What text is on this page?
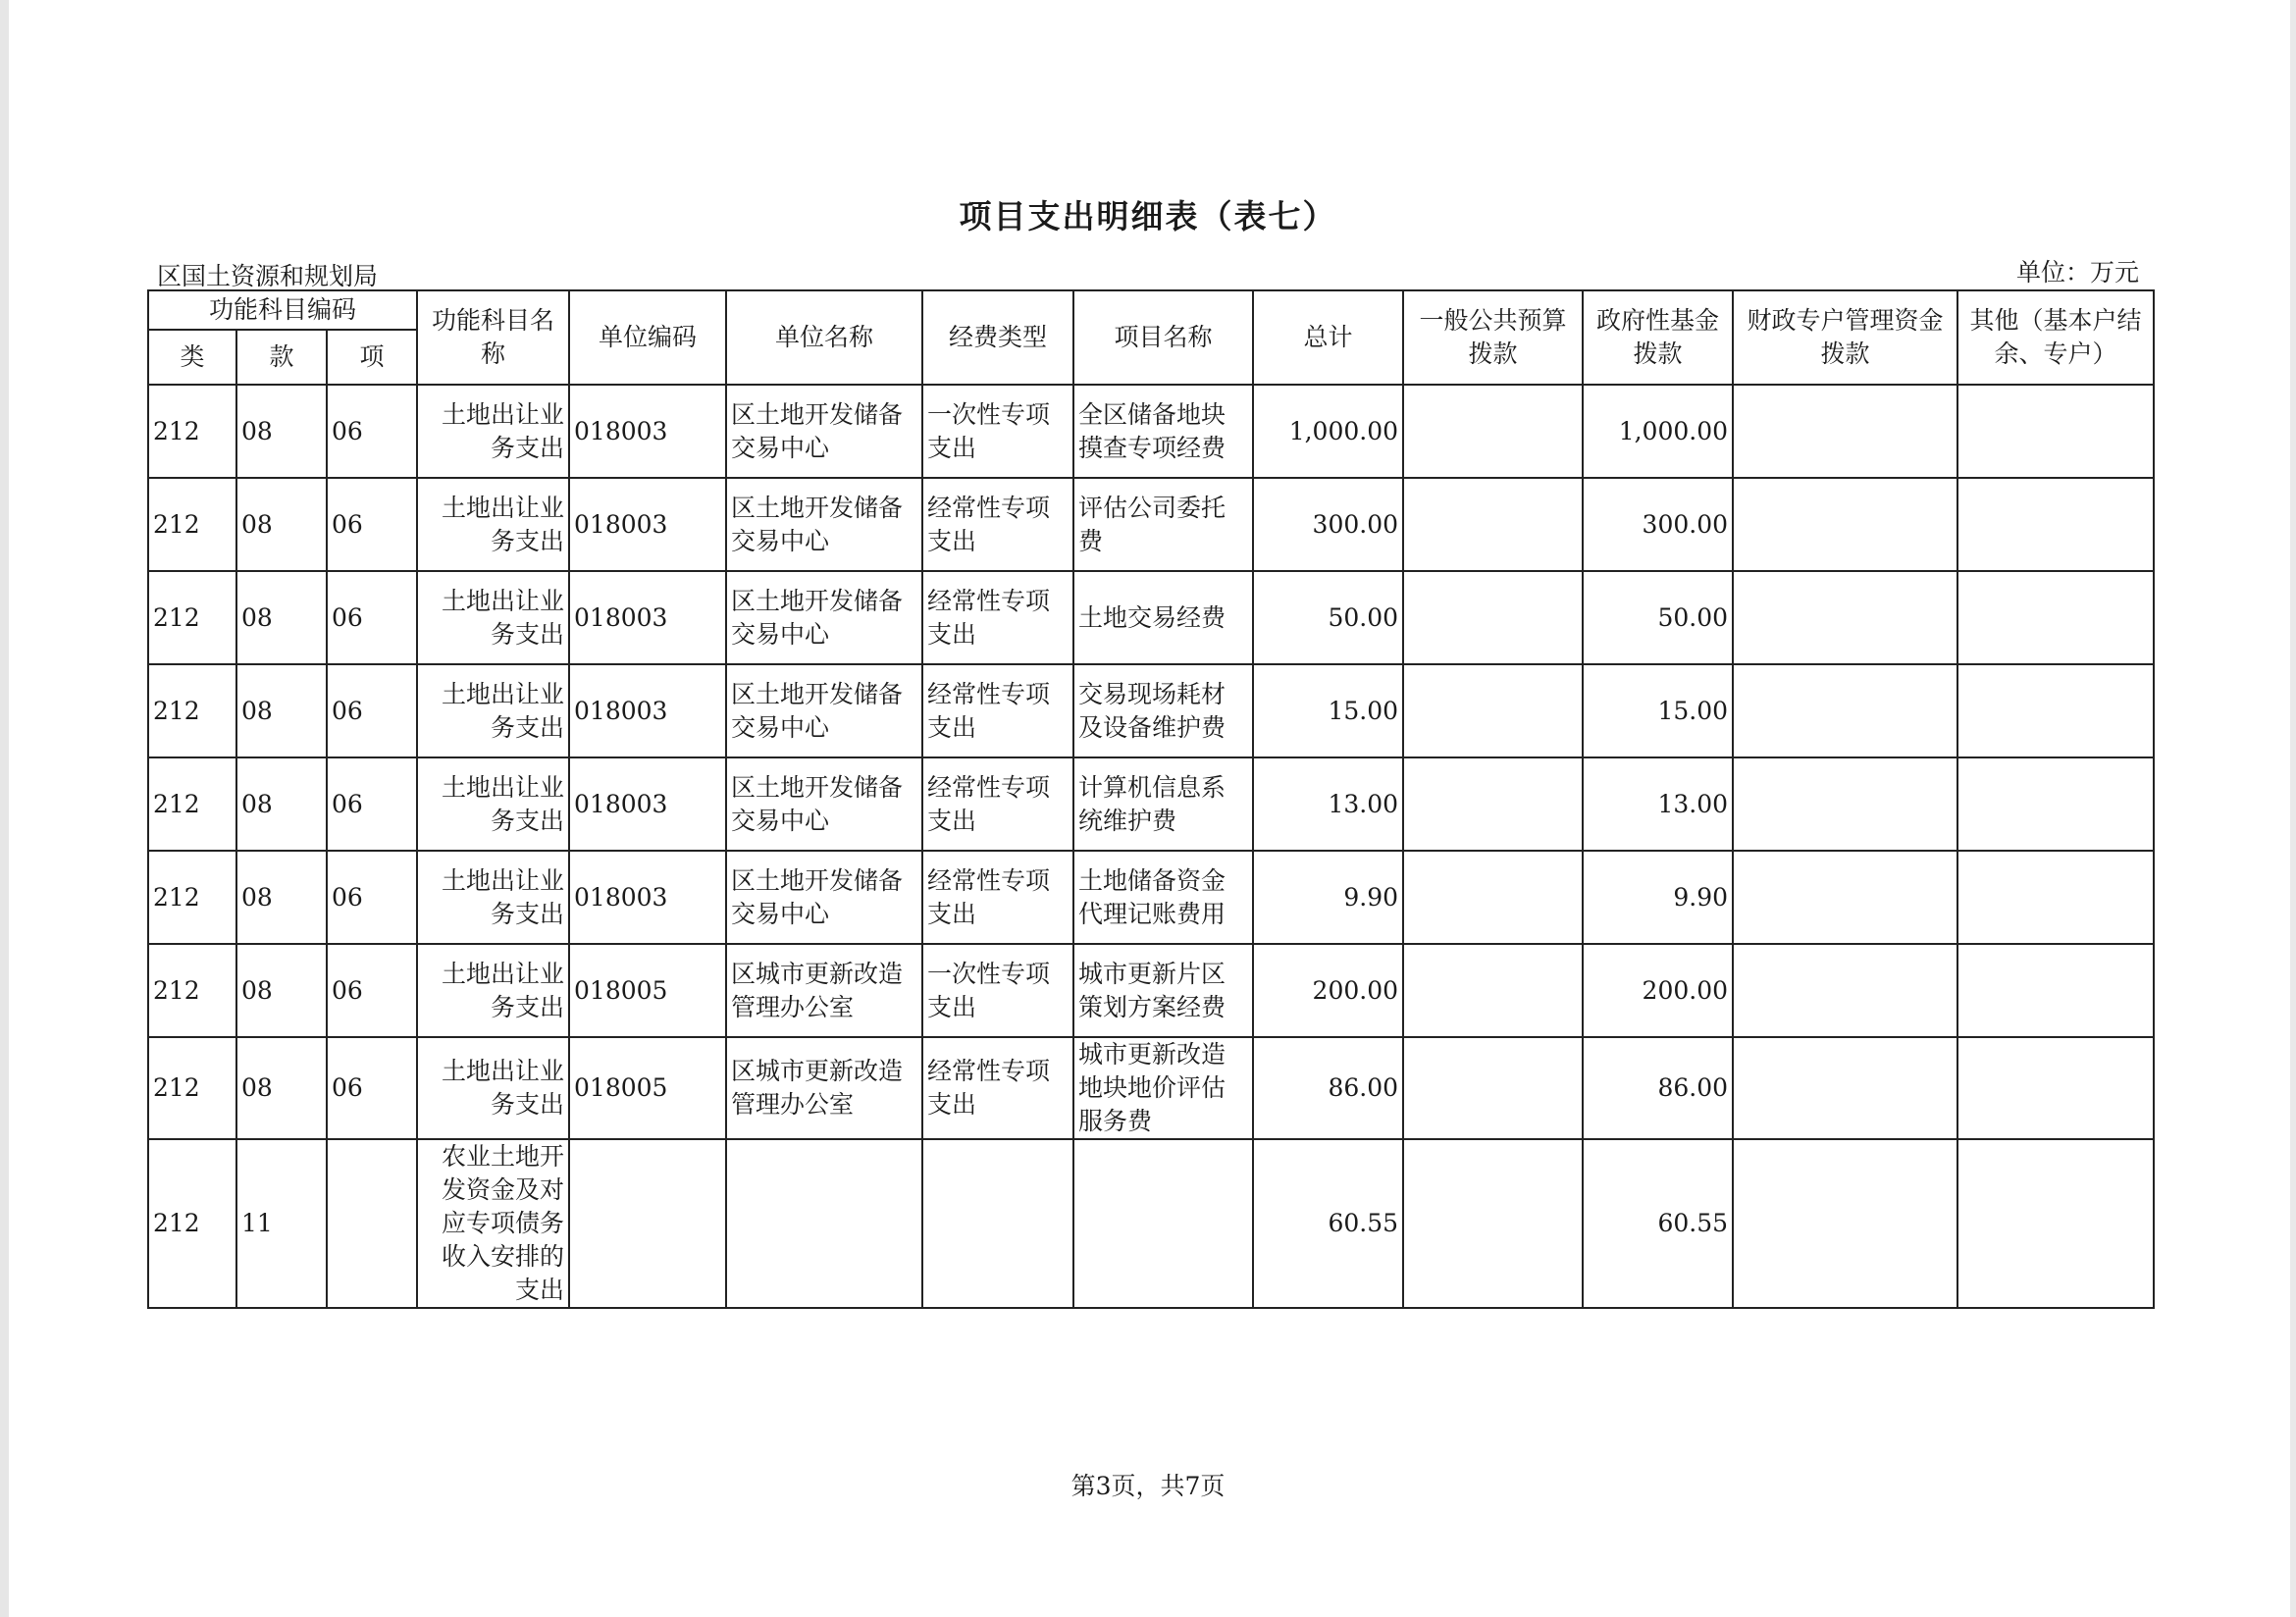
项目支出明细表（表七）
区国土资源和规划局	单位：万元
功能科目编码			功能科目名称	单位编码	单位名称	经费类型	项目名称	总计	一般公共预算拨款	政府性基金拨款	财政专户管理资金拨款	其他（基本户结余、专户）
类	款	项										
212	08	06	土地出让业务支出	018003	区土地开发储备交易中心	一次性专项支出	全区储备地块摸查专项经费	1,000.00		1,000.00		
212	08	06	土地出让业务支出	018003	区土地开发储备交易中心	经常性专项支出	评估公司委托费	300.00		300.00		
212	08	06	土地出让业务支出	018003	区土地开发储备交易中心	经常性专项支出	土地交易经费	50.00		50.00		
212	08	06	土地出让业务支出	018003	区土地开发储备交易中心	经常性专项支出	交易现场耗材及设备维护费	15.00		15.00		
212	08	06	土地出让业务支出	018003	区土地开发储备交易中心	经常性专项支出	计算机信息系统维护费	13.00		13.00		
212	08	06	土地出让业务支出	018003	区土地开发储备交易中心	经常性专项支出	土地储备资金代理记账费用	9.90		9.90		
212	08	06	土地出让业务支出	018005	区城市更新改造管理办公室	一次性专项支出	城市更新片区策划方案经费	200.00		200.00		
212	08	06	土地出让业务支出	018005	区城市更新改造管理办公室	经常性专项支出	城市更新改造地块地价评估服务费	86.00		86.00		
212	11		农业土地开发资金及对应专项债务收入安排的支出					60.55		60.55		
第3页，共7页
